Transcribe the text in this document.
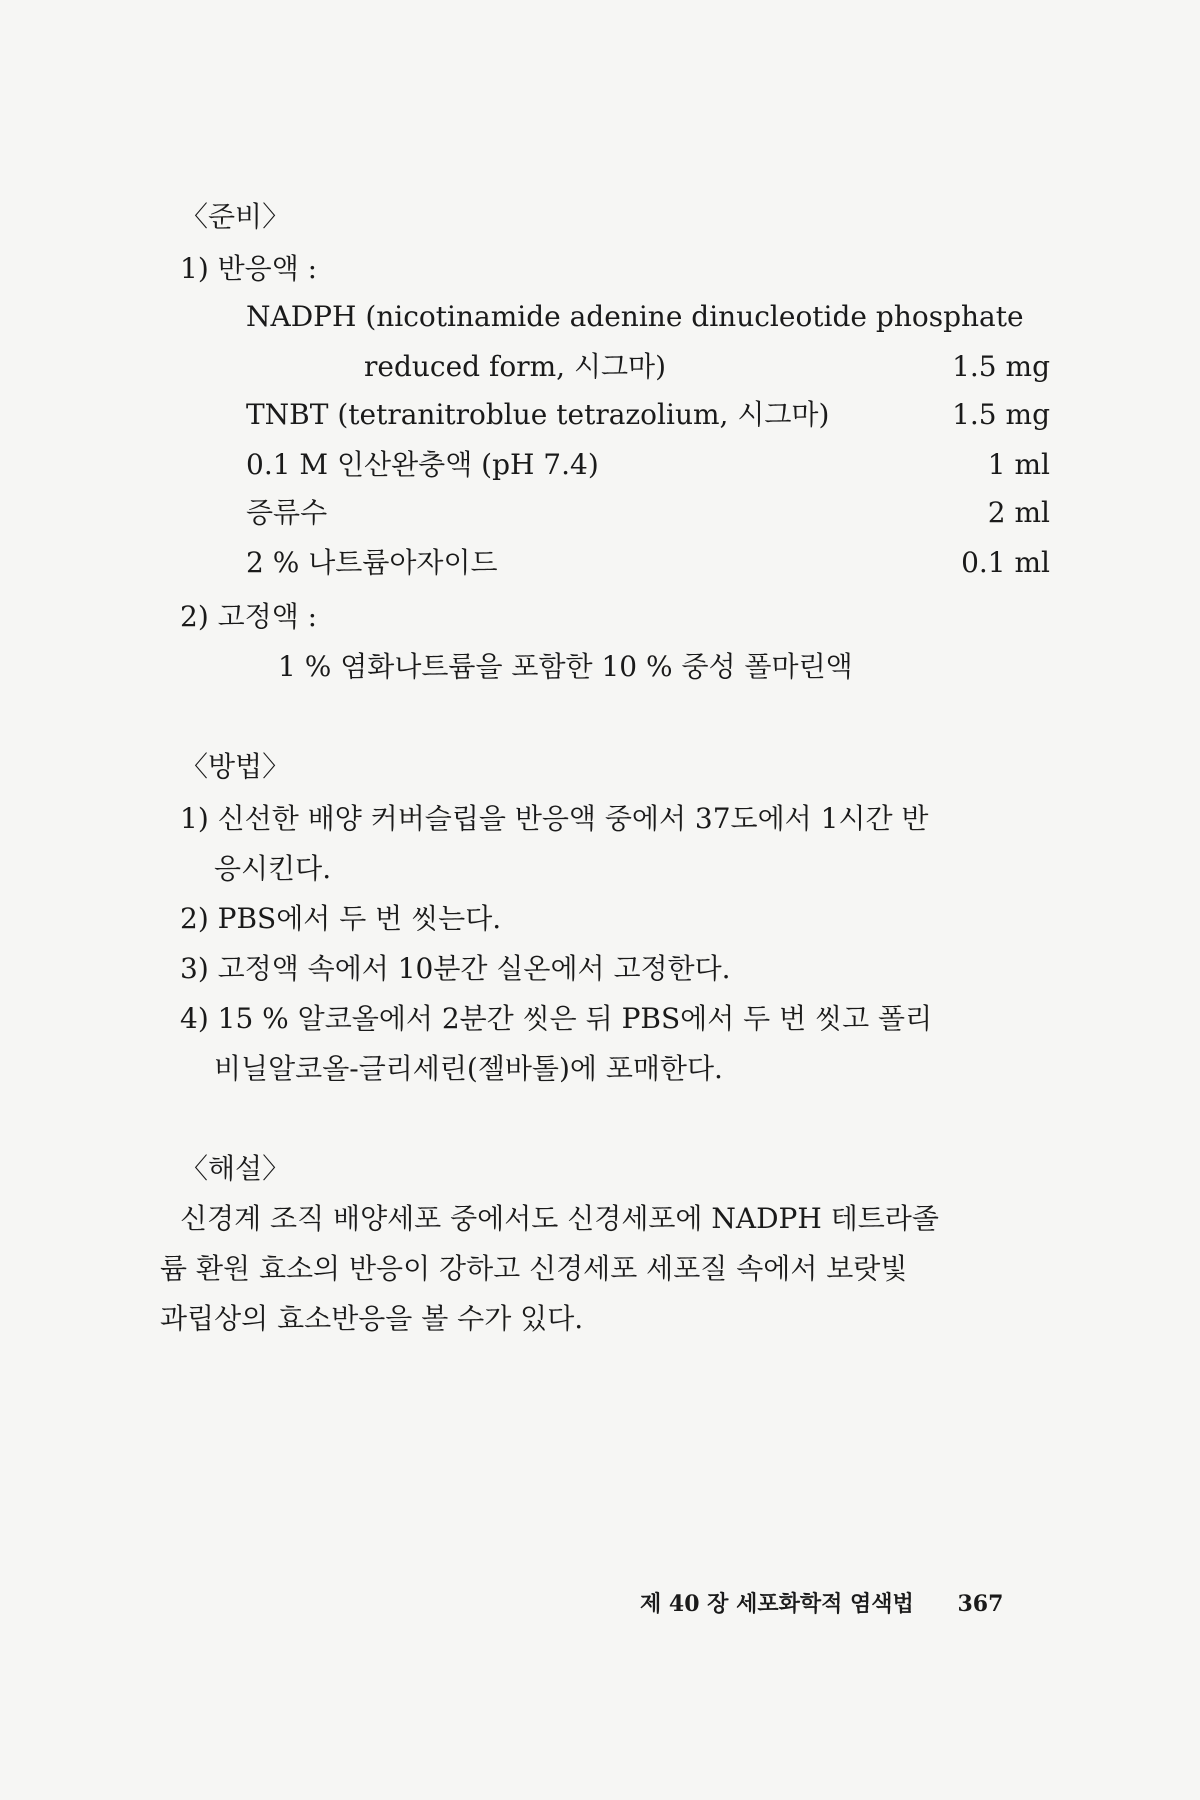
〈준비〉
1) 반응액 :
NADPH (nicotinamide adenine dinucleotide phosphate
reduced form, 시그마)	1.5 mg
TNBT (tetranitroblue tetrazolium, 시그마)	1.5 mg
0.1 M 인산완충액 (pH 7.4)	1 ml
증류수	2 ml
2 % 나트륨아자이드	0.1 ml
2) 고정액 :
1 % 염화나트륨을 포함한 10 % 중성 폴마린액
〈방법〉
1) 신선한 배양 커버슬립을 반응액 중에서 37도에서 1시간 반
응시킨다.
2) PBS에서 두 번 씻는다.
3) 고정액 속에서 10분간 실온에서 고정한다.
4) 15 % 알코올에서 2분간 씻은 뒤 PBS에서 두 번 씻고 폴리
비닐알코올-글리세린(젤바톨)에 포매한다.
〈해설〉
신경계 조직 배양세포 중에서도 신경세포에 NADPH 테트라졸
륨 환원 효소의 반응이 강하고 신경세포 세포질 속에서 보랏빛
과립상의 효소반응을 볼 수가 있다.
제 40 장 세포화학적 염색법 367
